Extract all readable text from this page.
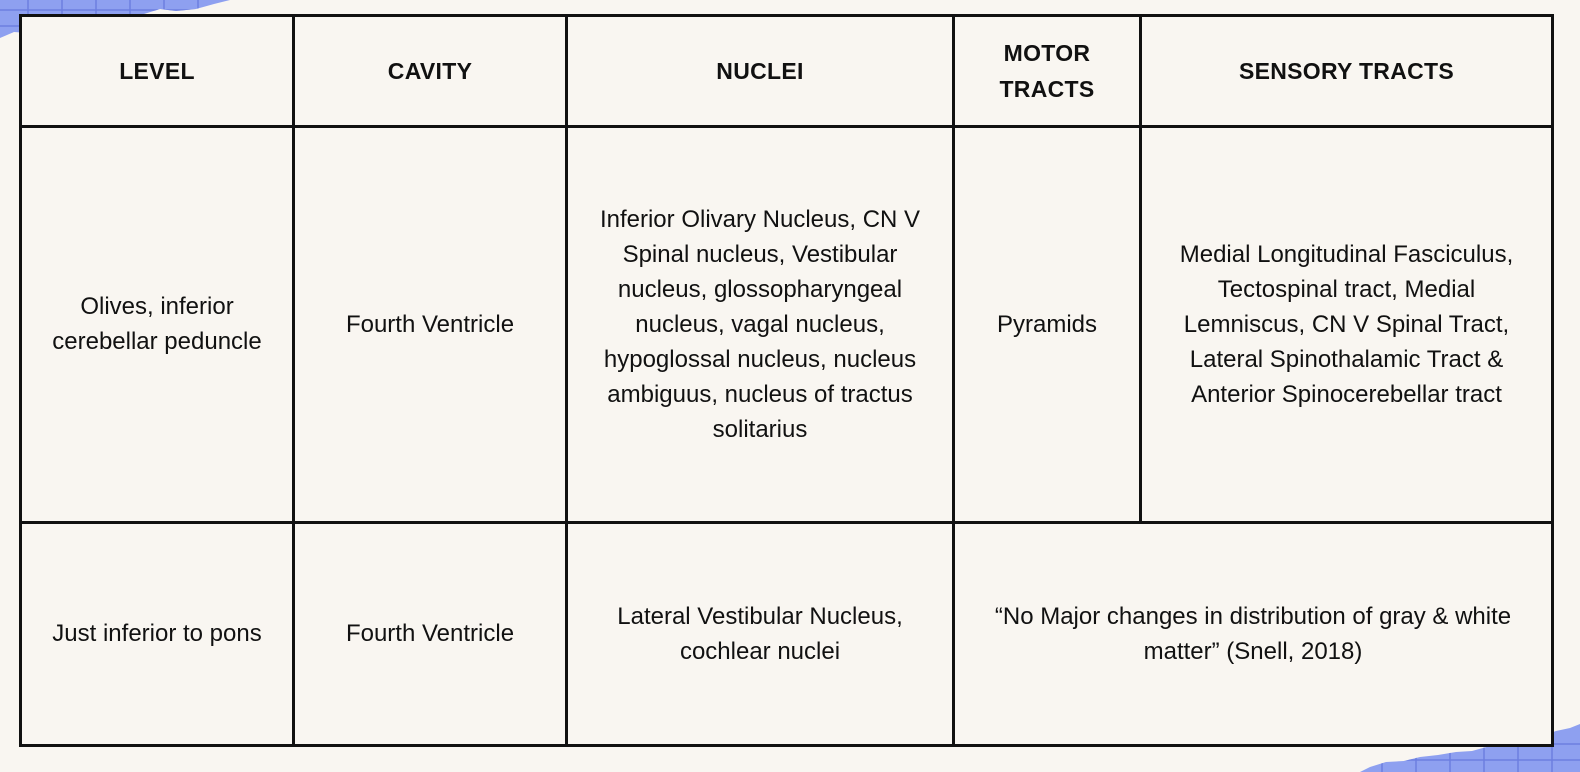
LEVEL	CAVITY	NUCLEI	MOTOR TRACTS	SENSORY TRACTS
Olives, inferior cerebellar peduncle	Fourth Ventricle	Inferior Olivary Nucleus, CN V Spinal nucleus, Vestibular nucleus, glossopharyngeal nucleus, vagal nucleus, hypoglossal nucleus, nucleus ambiguus, nucleus of tractus solitarius	Pyramids	Medial Longitudinal Fasciculus, Tectospinal tract, Medial Lemniscus, CN V Spinal Tract, Lateral Spinothalamic Tract & Anterior Spinocerebellar tract
Just inferior to pons	Fourth Ventricle	Lateral Vestibular Nucleus, cochlear nuclei	“No Major changes in distribution of gray & white matter” (Snell, 2018)	
